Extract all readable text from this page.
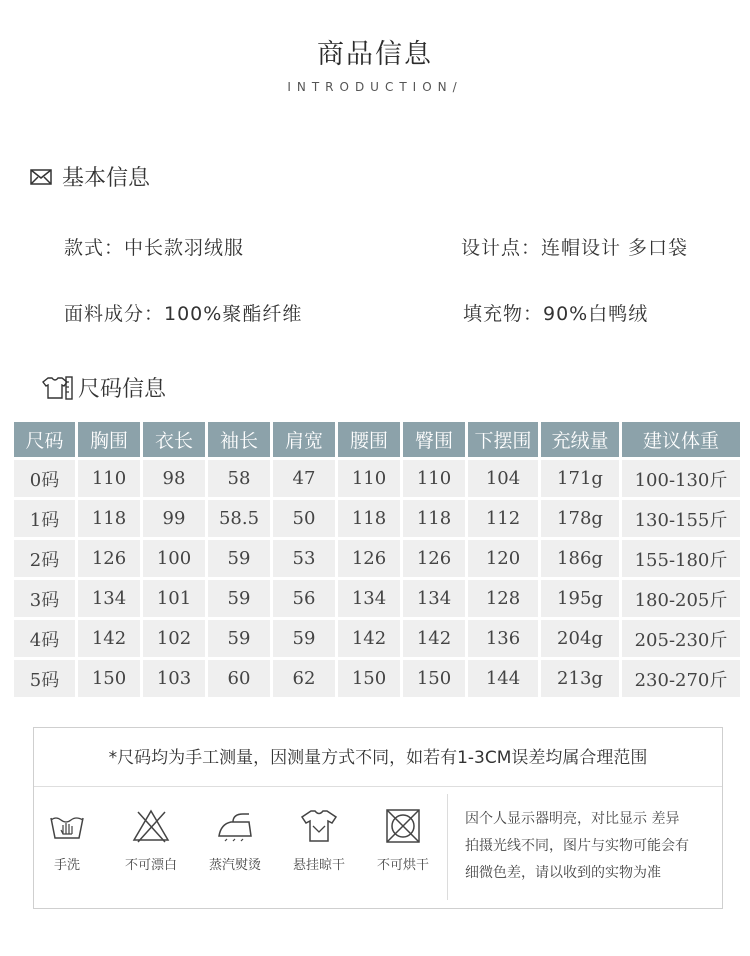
商品信息
INTRODUCTION/
基本信息
款式：中长款羽绒服	设计点：连帽设计 多口袋
面料成分：100%聚酯纤维	填充物：90%白鸭绒
尺码信息
尺码	胸围	衣长	袖长	肩宽	腰围	臀围	下摆围	充绒量	建议体重
0码	110	98	58	47	110	110	104	171g	100-130斤
1码	118	99	58.5	50	118	118	112	178g	130-155斤
2码	126	100	59	53	126	126	120	186g	155-180斤
3码	134	101	59	56	134	134	128	195g	180-205斤
4码	142	102	59	59	142	142	136	204g	205-230斤
5码	150	103	60	62	150	150	144	213g	230-270斤
*尺码均为手工测量，因测量方式不同，如若有1-3CM误差均属合理范围
手洗	不可漂白	蒸汽熨烫	悬挂晾干	不可烘干
因个人显示器明亮，对比显示 差异
拍摄光线不同，图片与实物可能会有
细微色差，请以收到的实物为准
